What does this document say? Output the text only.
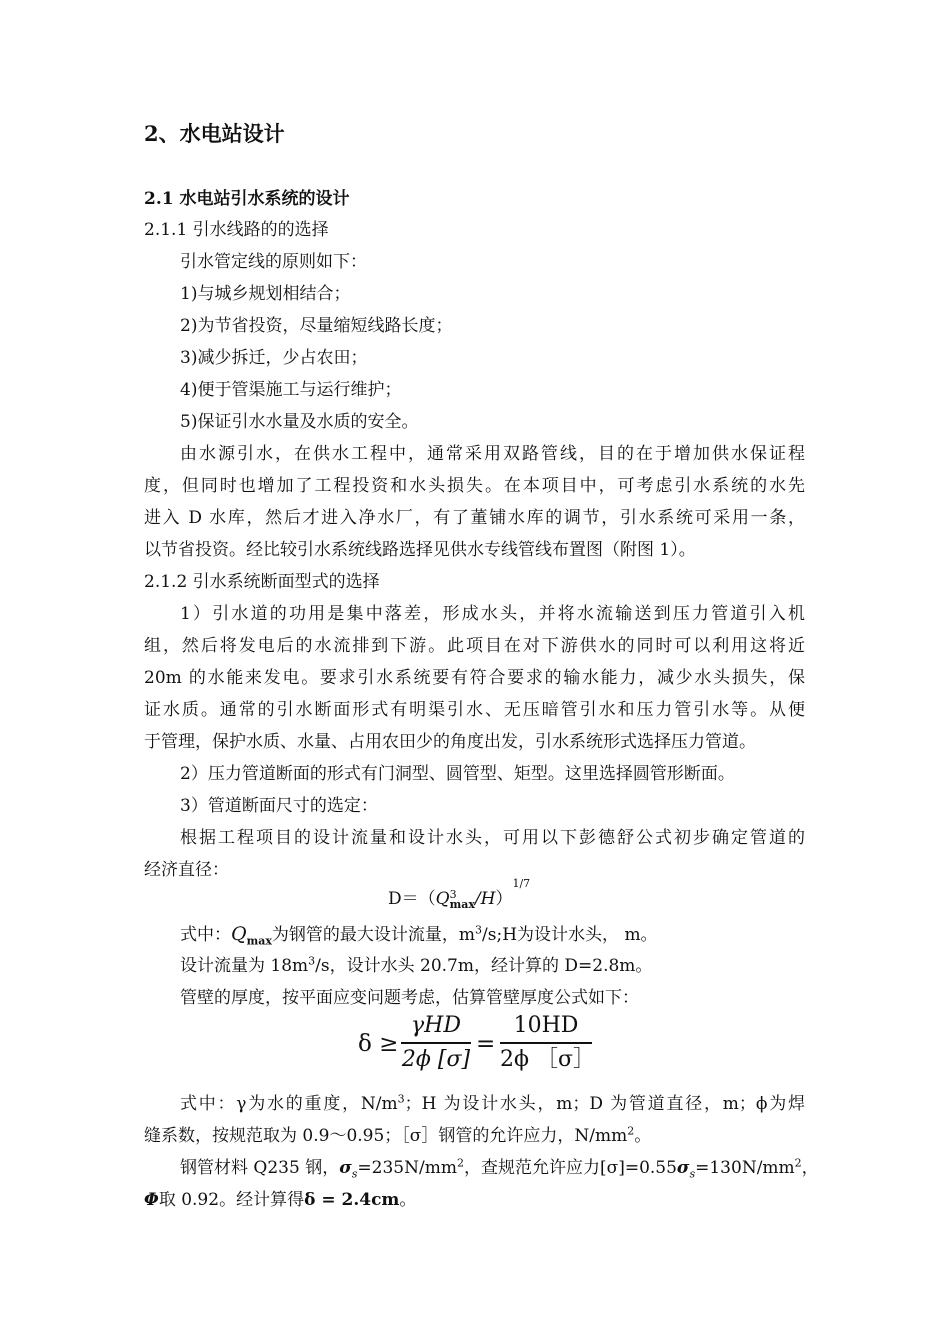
2、水电站设计
2.1 水电站引水系统的设计
2.1.1 引水线路的的选择
引水管定线的原则如下：
1)与城乡规划相结合；
2)为节省投资，尽量缩短线路长度；
3)减少拆迁，少占农田；
4)便于管渠施工与运行维护；
5)保证引水水量及水质的安全。
由水源引水，在供水工程中，通常采用双路管线，目的在于增加供水保证程
度，但同时也增加了工程投资和水头损失。在本项目中，可考虑引水系统的水先
进入 D 水库，然后才进入净水厂，有了董铺水库的调节，引水系统可采用一条，
以节省投资。经比较引水系统线路选择见供水专线管线布置图（附图 1）。
2.1.2 引水系统断面型式的选择
1）引水道的功用是集中落差，形成水头，并将水流输送到压力管道引入机
组，然后将发电后的水流排到下游。此项目在对下游供水的同时可以利用这将近
20m 的水能来发电。要求引水系统要有符合要求的输水能力，减少水头损失，保
证水质。通常的引水断面形式有明渠引水、无压暗管引水和压力管引水等。从便
于管理，保护水质、水量、占用农田少的角度出发，引水系统形式选择压力管道。
2）压力管道断面的形式有门洞型、圆管型、矩型。这里选择圆管形断面。
3）管道断面尺寸的选定：
根据工程项目的设计流量和设计水头，可用以下彭德舒公式初步确定管道的
经济直径：
D＝（Q 3
max /H）$^{1/7}$
式中：$Q_{max}$为钢管的最大设计流量，$m^3/s;H$为设计水头， m。
设计流量为 $18m^3/s$，设计水头 20.7m，经计算的 D=2.8m。
管壁的厚度，按平面应变问题考虑，估算管壁厚度公式如下：
δ ≥
γHD
2ϕ [σ]
=
10HD
2ϕ ［σ］
式中：γ为水的重度，$N/m^3$；H 为设计水头，m；D 为管道直径，m；ϕ为焊
缝系数，按规范取为 0.9～0.95；［σ］钢管的允许应力，$N/mm^2$。
钢管材料 Q235 钢，$\sigma_s=235N/mm^2$，查规范允许应力$[\sigma]=0.55\sigma_s=130N/mm^2$，
Φ取 0.92。经计算得δ = 2.4cm。
